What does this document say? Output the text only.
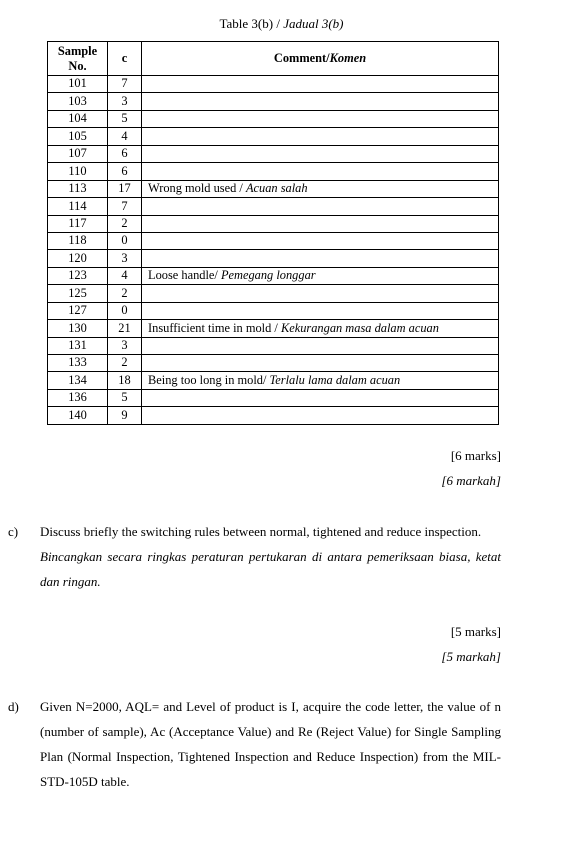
Table 3(b) / Jadual 3(b)
Sample No.	c	Comment/Komen
101	7	
103	3	
104	5	
105	4	
107	6	
110	6	
113	17	Wrong mold used / Acuan salah
114	7	
117	2	
118	0	
120	3	
123	4	Loose handle/ Pemegang longgar
125	2	
127	0	
130	21	Insufficient time in mold / Kekurangan masa dalam acuan
131	3	
133	2	
134	18	Being too long in mold/ Terlalu lama dalam acuan
136	5	
140	9	
[6 marks]
[6 markah]
c) Discuss briefly the switching rules between normal, tightened and reduce inspection.
Bincangkan secara ringkas peraturan pertukaran di antara pemeriksaan biasa, ketat dan ringan.
[5 marks]
[5 markah]
d) Given N=2000, AQL= and Level of product is I, acquire the code letter, the value of n (number of sample), Ac (Acceptance Value) and Re (Reject Value) for Single Sampling Plan (Normal Inspection, Tightened Inspection and Reduce Inspection) from the MIL-STD-105D table.
